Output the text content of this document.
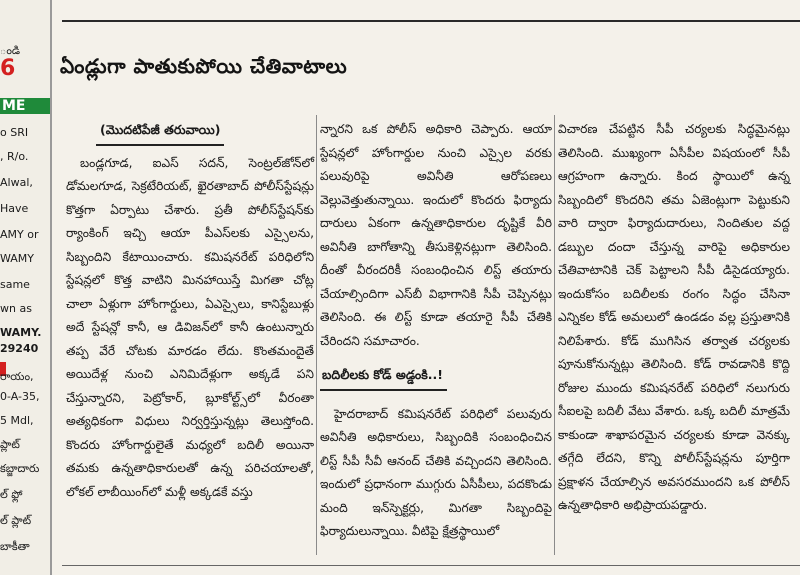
ండి
6
ME
o SRI
, R/o.
Alwal,
Have
AMY or
WAMY
same
wn as
WAMY.
29240
రాయం,
0-A-35,
5 Mdl,
ప్లాట్
కబ్జాదారు
ల్ ఫ్లో
ల్ ప్లాట్
బాకీతా
ఏండ్లుగా పాతుకుపోయి చేతివాటాలు
(మొదటిపేజీ తరువాయి)

బండ్లగూడ, ఐఎస్ సదన్, సెంట్రల్‌జోన్‌లో డోమలగూడ, సెక్రటేరియట్, ఖైరతాబాద్ పోలీస్‌స్టేషన్లు కొత్తగా ఏర్పాటు చేశారు. ప్రతీ పోలీస్‌స్టేషన్‌కు ర్యాంకింగ్ ఇచ్చి ఆయా పీఎస్‌లకు ఎస్సైలను, సిబ్బందిని కేటాయించారు. కమిషనరేట్ పరిధిలోని స్టేషన్లలో కొత్త వాటిని మినహాయిస్తే మిగతా చోట్ల చాలా ఏళ్లుగా హోంగార్డులు, ఏఎస్సైలు, కానిస్టేబుళ్లు అదే స్టేషన్లో కానీ, ఆ డివిజన్‌లో కానీ ఉంటున్నారు తప్ప వేరే చోటకు మారడం లేదు. కొంతమందైతే అయిదేళ్ల నుంచి ఎనిమిదేళ్లుగా అక్కడే పని చేస్తున్నారని, పెట్రోకార్, బ్లూకోల్ట్స్‌లో వీరంతా అత్యధికంగా విధులు నిర్వర్తిస్తున్నట్లు తెలుస్తోంది. కొందరు హోంగార్డులైతే మధ్యలో బదిలీ అయినా తమకు ఉన్నతాధికారులతో ఉన్న పరిచయాలతో, లోకల్ లాబీయింగ్‌లో మళ్లీ అక్కడకే వస్తు

న్నారని ఒక పోలీస్ అధికారి చెప్పారు. ఆయా స్టేషన్లలో హోంగార్డుల నుంచి ఎస్సైల వరకు పలువురిపై అవినీతి ఆరోపణలు వెల్లువెత్తుతున్నాయి. ఇందులో కొందరు ఫిర్యాదు దారులు ఏకంగా ఉన్నతాధికారుల దృష్టికే వీరి అవినీతి బాగోతాన్ని తీసుకెళ్లినట్లుగా తెలిసింది. దీంతో వీరందరికీ సంబంధించిన లిస్ట్ తయారు చేయాల్సిందిగా ఎస్‌బీ విభాగానికి సీపీ చెప్పినట్లు తెలిసింది. ఈ లిస్ట్ కూడా తయారై సీపీ చేతికి చేరిందని సమాచారం.

బదిలీలకు కోడ్ అడ్డంకి..!

హైదరాబాద్ కమిషనరేట్ పరిధిలో పలువురు అవినీతి అధికారులు, సిబ్బందికి సంబంధించిన లిస్ట్ సీపీ సీవీ ఆనంద్ చేతికి వచ్చిందని తెలిసింది. ఇందులో ప్రధానంగా ముగ్గురు ఏసీపీలు, పదకొండు మంది ఇన్‌స్పెక్టర్లు, మిగతా సిబ్బందిపై ఫిర్యాదులున్నాయి. వీటిపై క్షేత్రస్థాయిలో

విచారణ చేపట్టిన సీపీ చర్యలకు సిద్ధమైనట్లు తెలిసింది. ముఖ్యంగా ఏసీపీల విషయంలో సీపీ ఆగ్రహంగా ఉన్నారు. కింద స్థాయిలో ఉన్న సిబ్బందిలో కొందరిని తమ ఏజెంట్లుగా పెట్టుకుని వారి ద్వారా ఫిర్యాదుదారులు, నిందితుల వద్ద డబ్బుల దందా చేస్తున్న వారిపై అధికారుల చేతివాటానికి చెక్ పెట్టాలని సీపీ డిసైడయ్యారు. ఇందుకోసం బదిలీలకు రంగం సిద్ధం చేసినా ఎన్నికల కోడ్ అమలులో ఉండడం వల్ల ప్రస్తుతానికి నిలిపేశారు. కోడ్ ముగిసిన తర్వాత చర్యలకు పూనుకోనున్నట్లు తెలిసింది. కోడ్ రావడానికి కొద్ది రోజుల ముందు కమిషనరేట్ పరిధిలో నలుగురు సీఐలపై బదిలీ వేటు వేశారు. ఒక్క బదిలీ మాత్రమే కాకుండా శాఖాపరమైన చర్యలకు కూడా వెనక్కు తగ్గేది లేదని, కొన్ని పోలీస్‌స్టేషన్లను పూర్తిగా ప్రక్షాళన చేయాల్సిన అవసరముందని ఒక పోలీస్ ఉన్నతాధికారి అభిప్రాయపడ్డారు.
